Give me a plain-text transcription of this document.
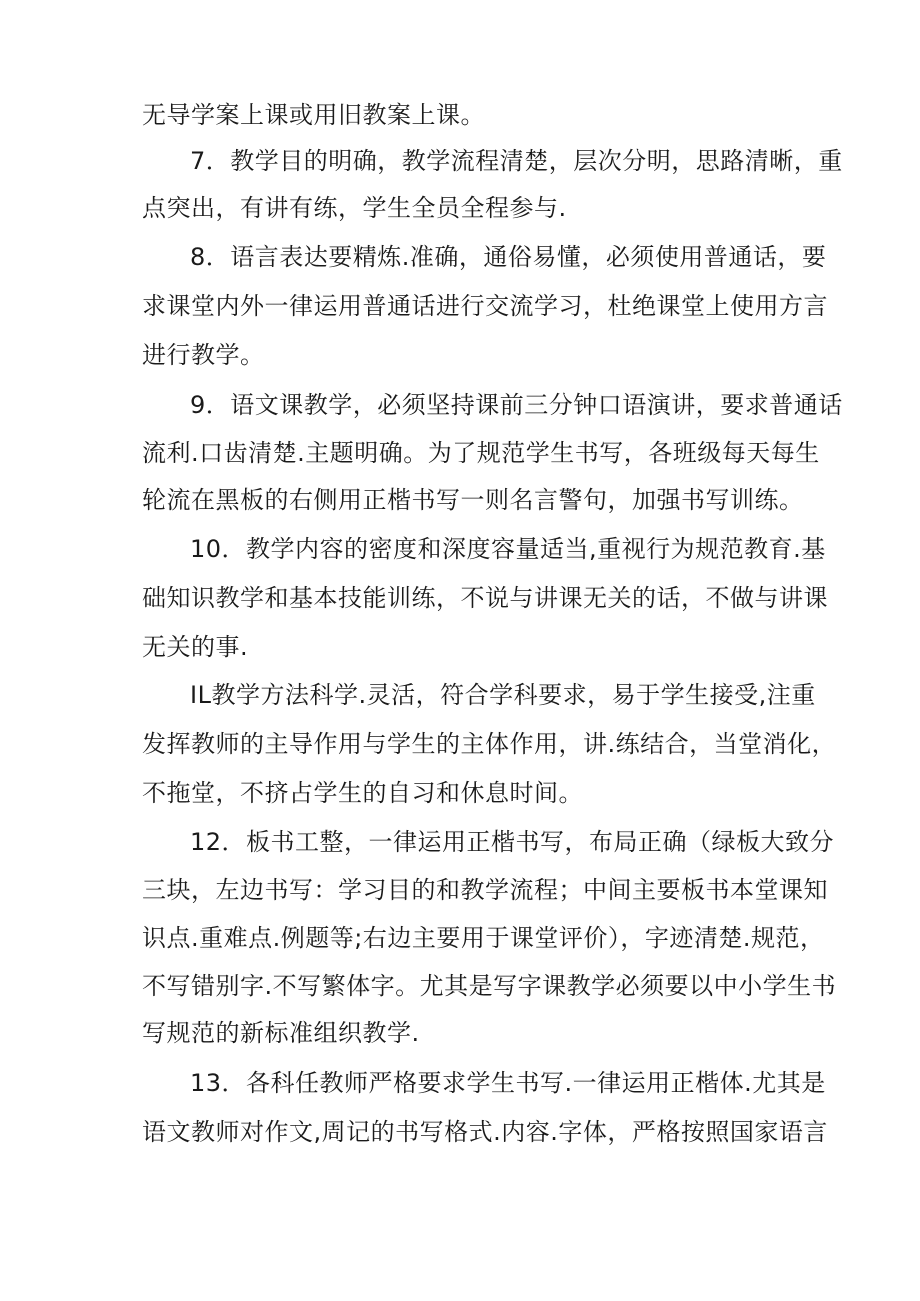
无导学案上课或用旧教案上课。
7．教学目的明确，教学流程清楚，层次分明，思路清晰，重
点突出，有讲有练，学生全员全程参与.
8．语言表达要精炼.准确，通俗易懂，必须使用普通话，要
求课堂内外一律运用普通话进行交流学习，杜绝课堂上使用方言
进行教学。
9．语文课教学，必须坚持课前三分钟口语演讲，要求普通话
流利.口齿清楚.主题明确。为了规范学生书写，各班级每天每生
轮流在黑板的右侧用正楷书写一则名言警句，加强书写训练。
10．教学内容的密度和深度容量适当,重视行为规范教育.基
础知识教学和基本技能训练，不说与讲课无关的话，不做与讲课
无关的事.
IL教学方法科学.灵活，符合学科要求，易于学生接受,注重
发挥教师的主导作用与学生的主体作用，讲.练结合，当堂消化，
不拖堂，不挤占学生的自习和休息时间。
12．板书工整，一律运用正楷书写，布局正确（绿板大致分
三块，左边书写：学习目的和教学流程；中间主要板书本堂课知
识点.重难点.例题等;右边主要用于课堂评价），字迹清楚.规范，
不写错别字.不写繁体字。尤其是写字课教学必须要以中小学生书
写规范的新标准组织教学.
13．各科任教师严格要求学生书写.一律运用正楷体.尤其是
语文教师对作文,周记的书写格式.内容.字体，严格按照国家语言
